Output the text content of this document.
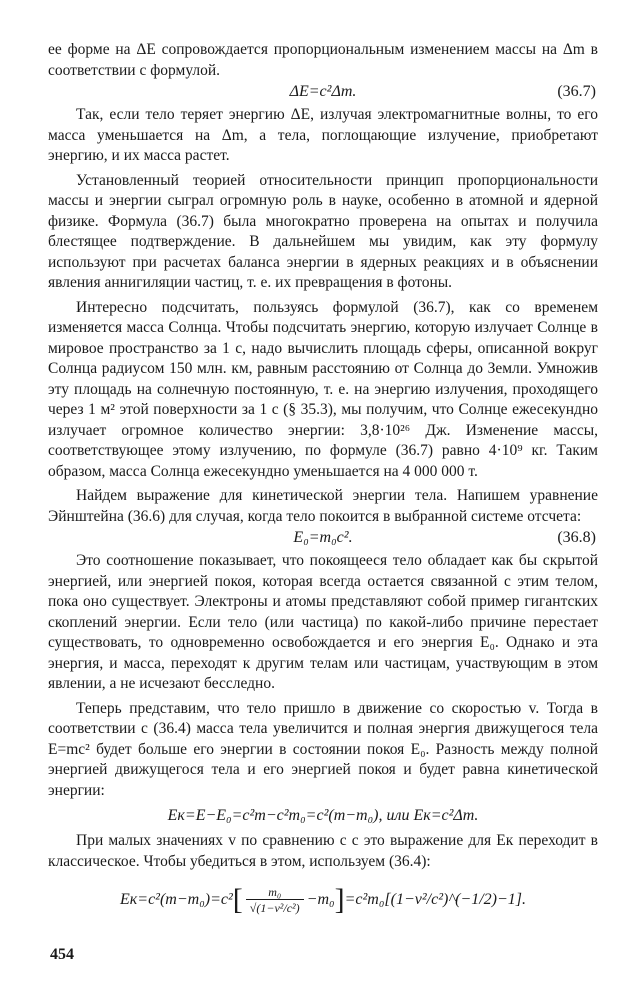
ее форме на ΔE сопровождается пропорциональным изменением массы на Δm в соответствии с формулой.

ΔE=c²Δm.	(36.7)

Так, если тело теряет энергию ΔE, излучая электромагнитные волны, то его масса уменьшается на Δm, а тела, поглощающие излучение, приобретают энергию, и их масса растет.

Установленный теорией относительности принцип пропорциональности массы и энергии сыграл огромную роль в науке, особенно в атомной и ядерной физике. Формула (36.7) была многократно проверена на опытах и получила блестящее подтверждение. В дальнейшем мы увидим, как эту формулу используют при расчетах баланса энергии в ядерных реакциях и в объяснении явления аннигиляции частиц, т. е. их превращения в фотоны.

Интересно подсчитать, пользуясь формулой (36.7), как со временем изменяется масса Солнца. Чтобы подсчитать энергию, которую излучает Солнце в мировое пространство за 1 с, надо вычислить площадь сферы, описанной вокруг Солнца радиусом 150 млн. км, равным расстоянию от Солнца до Земли. Умножив эту площадь на солнечную постоянную, т. е. на энергию излучения, проходящего через 1 м² этой поверхности за 1 с (§ 35.3), мы получим, что Солнце ежесекундно излучает огромное количество энергии: 3,8·10²⁶ Дж. Изменение массы, соответствующее этому излучению, по формуле (36.7) равно 4·10⁹ кг. Таким образом, масса Солнца ежесекундно уменьшается на 4 000 000 т.

Найдем выражение для кинетической энергии тела. Напишем уравнение Эйнштейна (36.6) для случая, когда тело покоится в выбранной системе отсчета:

E₀=m₀c².	(36.8)

Это соотношение показывает, что покоящееся тело обладает как бы скрытой энергией, или энергией покоя, которая всегда остается связанной с этим телом, пока оно существует. Электроны и атомы представляют собой пример гигантских скоплений энергии. Если тело (или частица) по какой-либо причине перестает существовать, то одновременно освобождается и его энергия E₀. Однако и эта энергия, и масса, переходят к другим телам или частицам, участвующим в этом явлении, а не исчезают бесследно.

Теперь представим, что тело пришло в движение со скоростью v. Тогда в соответствии с (36.4) масса тела увеличится и полная энергия движущегося тела E=mc² будет больше его энергии в состоянии покоя E₀. Разность между полной энергией движущегося тела и его энергией покоя и будет равна кинетической энергии:

Eк=E−E₀=c²m−c²m₀=c²(m−m₀), или Eк=c²Δm.

При малых значениях v по сравнению с c это выражение для Eк переходит в классическое. Чтобы убедиться в этом, используем (36.4):

Eк=c²(m−m₀)=c² [ $\frac{\text{m₀}}{\text{√(1−v²/c²)}} -m_0$ ] =c²m₀[(1−v²/c²)^(−1/2)−1].
454
